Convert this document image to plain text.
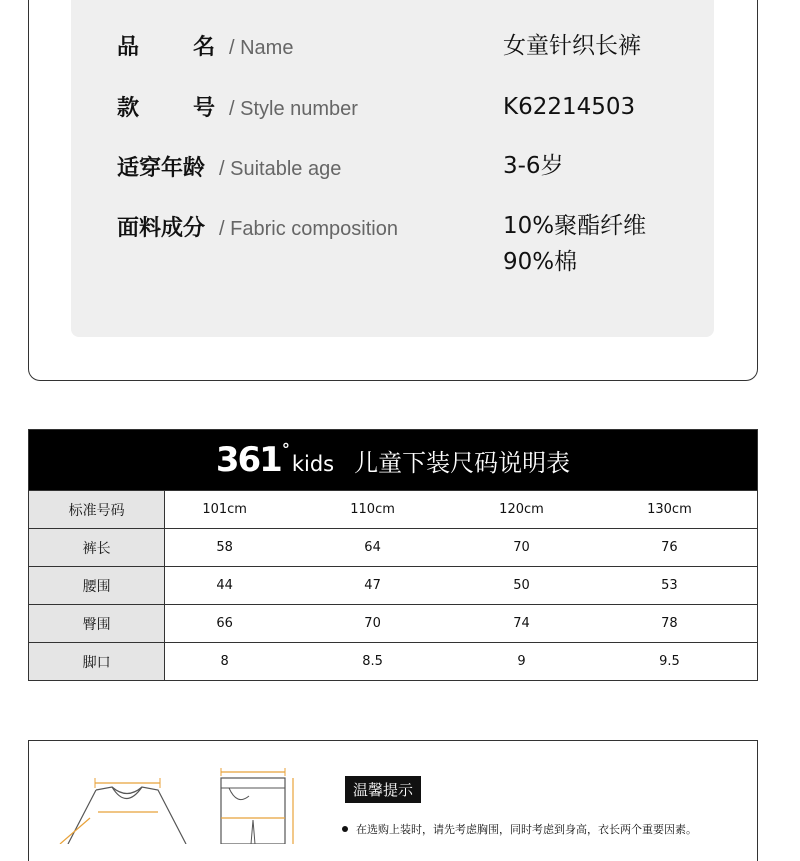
品 名 / Name	女童针织长裤
款 号 / Style number	K62214503
适穿年龄 / Suitable age	3-6岁
面料成分 / Fabric composition	10%聚酯纤维
90%棉
361 °
kids 儿童下装尺码说明表
标准号码	101cm	110cm	120cm	130cm
裤长	58	64	70	76
腰围	44	47	50	53
臀围	66	70	74	78
脚口	8	8.5	9	9.5
温馨提示
在选购上装时，请先考虑胸围，同时考虑到身高，衣长两个重要因素。
